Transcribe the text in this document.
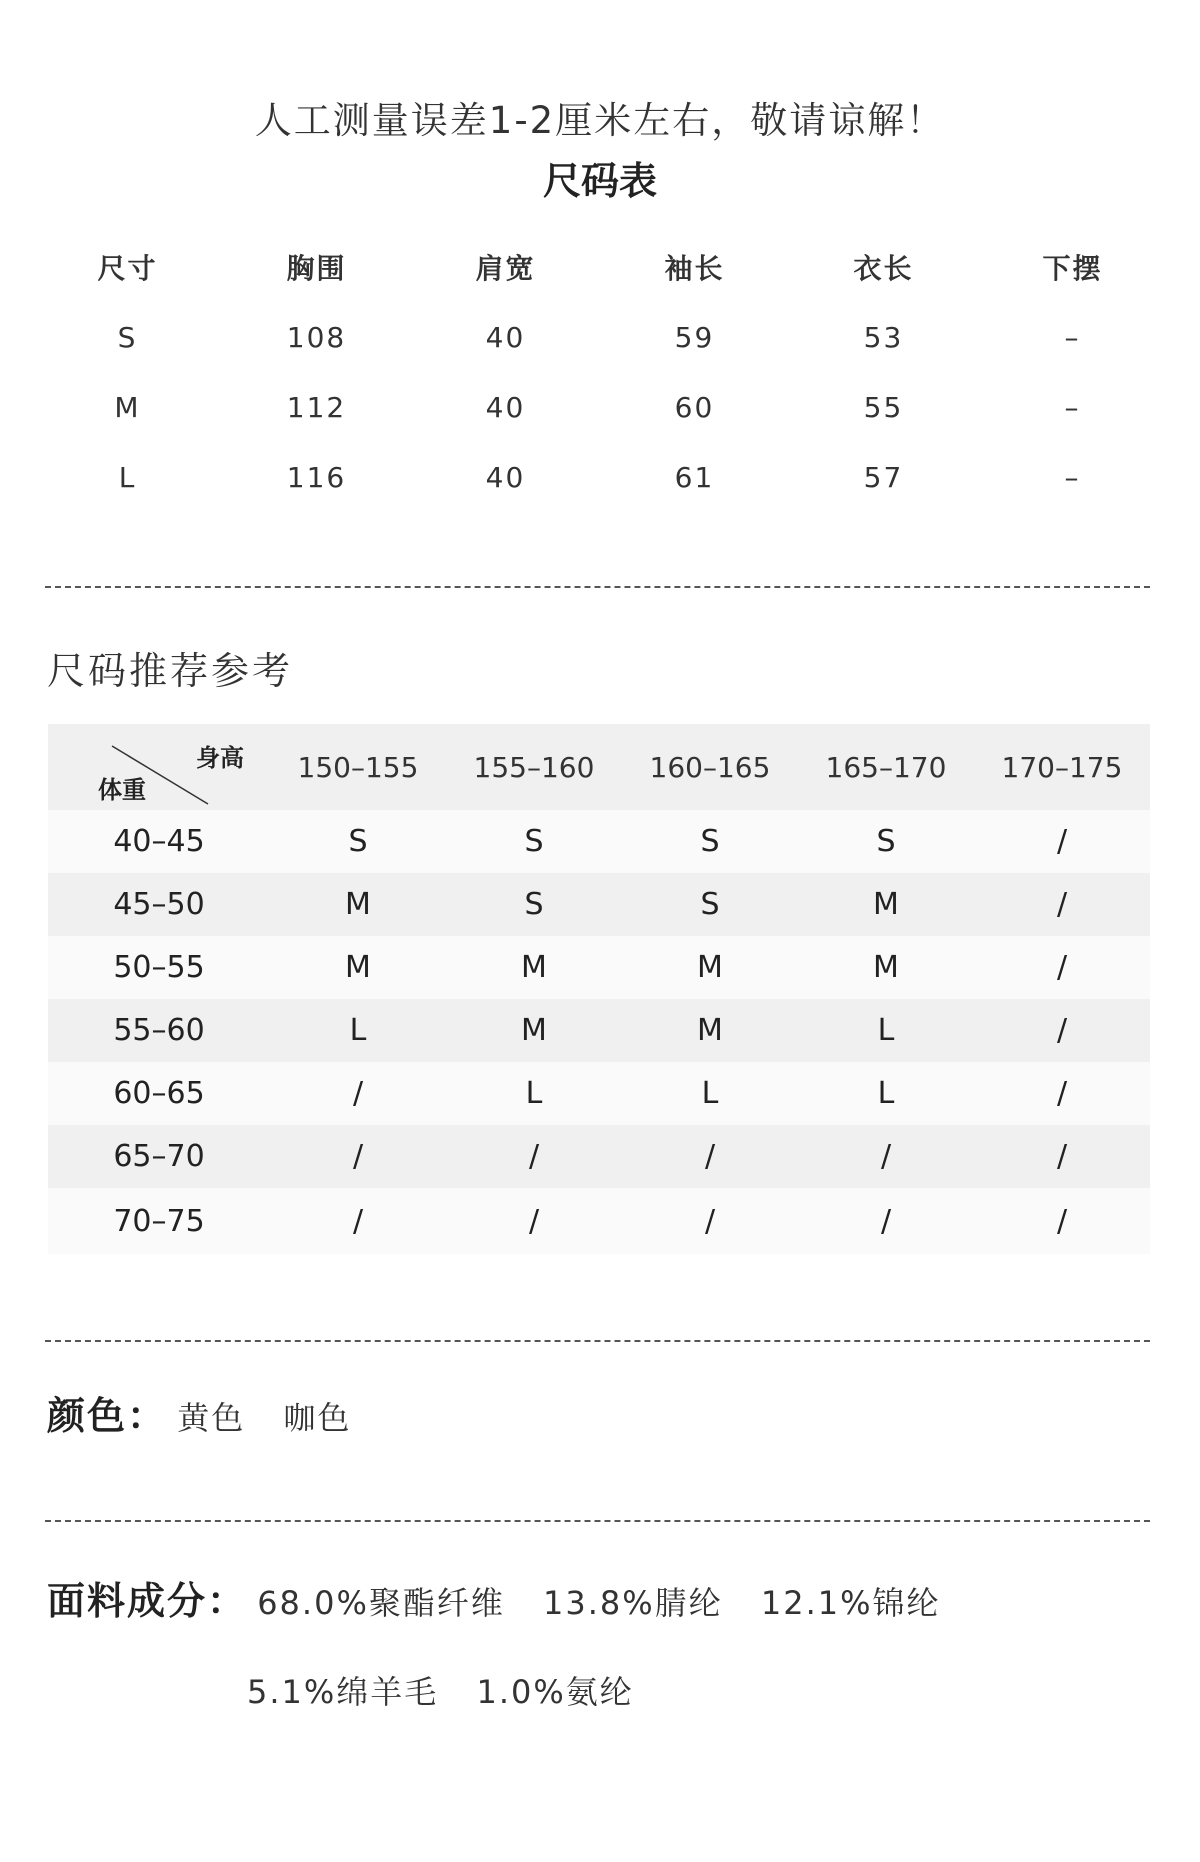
人工测量误差1-2厘米左右，敬请谅解！
尺码表
尺寸	胸围	肩宽	袖长	衣长	下摆
S	108	40	59	53	–
M	112	40	60	55	–
L	116	40	61	57	–
尺码推荐参考
身高
体重
150–155	155–160	160–165	165–170	170–175
40–45	S	S	S	S	/
45–50	M	S	S	M	/
50–55	M	M	M	M	/
55–60	L	M	M	L	/
60–65	/	L	L	L	/
65–70	/	/	/	/	/
70–75	/	/	/	/	/
颜色： 黄色 咖色
面料成分： 68.0%聚酯纤维 13.8%腈纶 12.1%锦纶
5.1%绵羊毛 1.0%氨纶
